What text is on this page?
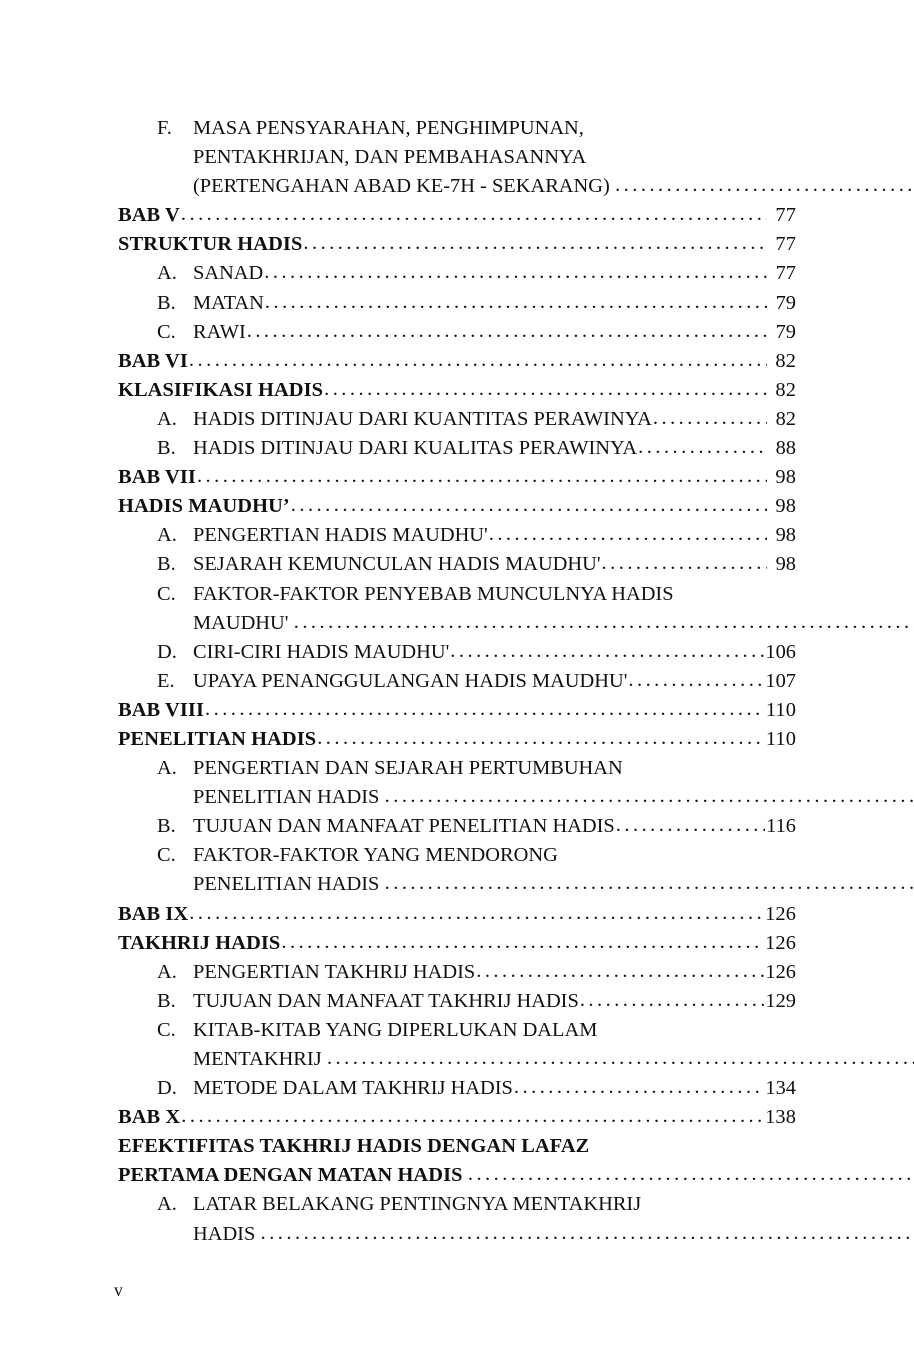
F. MASA PENSYARAHAN, PENGHIMPUNAN,
PENTAKHRIJAN, DAN PEMBAHASANNYA
(PERTENGAHAN ABAD KE-7H - SEKARANG). . .
BAB V . . .	77
STRUKTUR HADIS . . .	77
A. SANAD . . .	77
B. MATAN . . .	79
C. RAWI . . .	79
BAB VI . . .	82
KLASIFIKASI HADIS . . .	82
A. HADIS DITINJAU DARI KUANTITAS PERAWINYA . . .	82
B. HADIS DITINJAU DARI KUALITAS PERAWINYA . . .	88
BAB VII . . .	98
HADIS MAUDHU’ . . .	98
A. PENGERTIAN HADIS MAUDHU' . . .	98
B. SEJARAH KEMUNCULAN HADIS MAUDHU' . . .	98
C. FAKTOR-FAKTOR PENYEBAB MUNCULNYA HADIS
MAUDHU'. . .
D. CIRI-CIRI HADIS MAUDHU' . . .	106
E. UPAYA PENANGGULANGAN HADIS MAUDHU' . . .	107
BAB VIII . . .	110
PENELITIAN HADIS . . .	110
A. PENGERTIAN DAN SEJARAH PERTUMBUHAN
PENELITIAN HADIS. . .
B. TUJUAN DAN MANFAAT PENELITIAN HADIS . . .	116
C. FAKTOR-FAKTOR YANG MENDORONG
PENELITIAN HADIS. . .
BAB IX . . .	126
TAKHRIJ HADIS . . .	126
A. PENGERTIAN TAKHRIJ HADIS . . .	126
B. TUJUAN DAN MANFAAT TAKHRIJ HADIS . . .	129
C. KITAB-KITAB YANG DIPERLUKAN DALAM
MENTAKHRIJ. . .
D. METODE DALAM TAKHRIJ HADIS . . .	134
BAB X . . .	138
EFEKTIFITAS TAKHRIJ HADIS DENGAN LAFAZ
PERTAMA DENGAN MATAN HADIS. . .
A. LATAR BELAKANG PENTINGNYA MENTAKHRIJ
HADIS. . .
v
